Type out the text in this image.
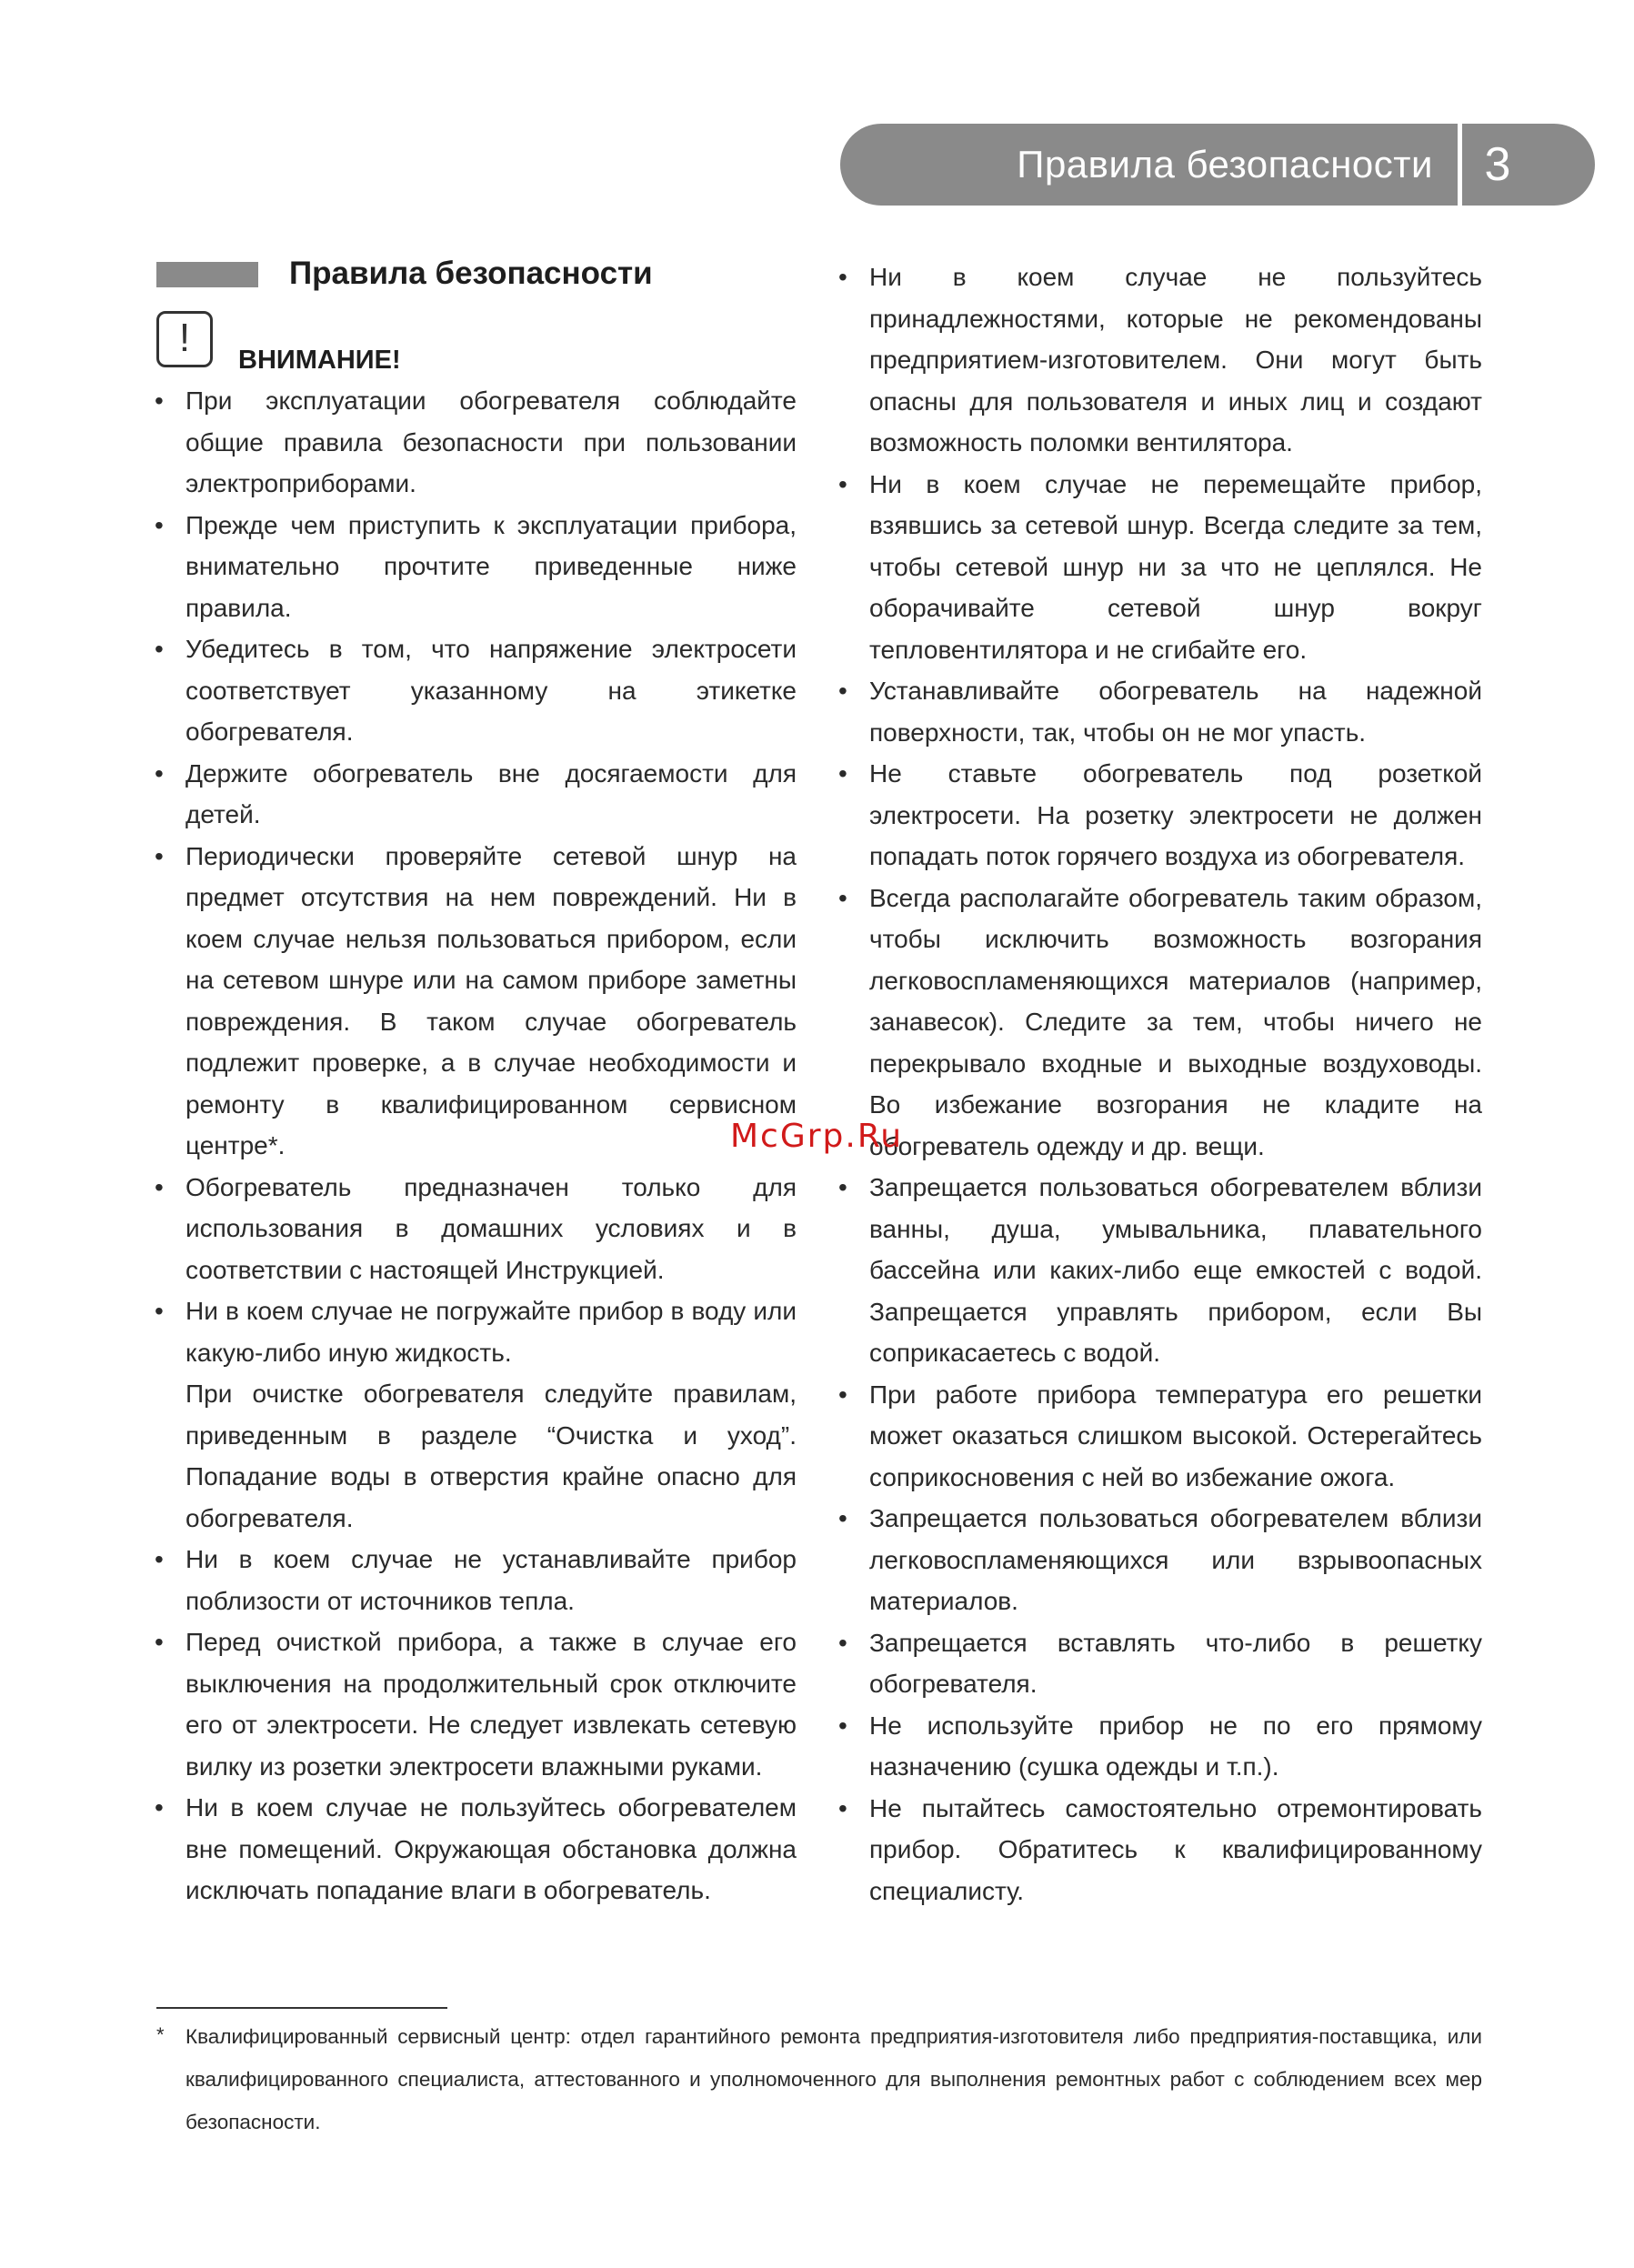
Правила безопасности	3
Правила безопасности
!	ВНИМАНИЕ!
• При эксплуатации обогревателя соблюдайте общие правила безопасности при пользовании электроприборами.
• Прежде чем приступить к эксплуатации прибора, внимательно прочтите приведенные ниже правила.
• Убедитесь в том, что напряжение электросети соответствует указанному на этикетке обогревателя.
• Держите обогреватель вне досягаемости для детей.
• Периодически проверяйте сетевой шнур на предмет отсутствия на нем повреждений. Ни в коем случае нельзя пользоваться прибором, если на сетевом шнуре или на самом приборе заметны повреждения. В таком случае обогреватель подлежит проверке, а в случае необходимости и ремонту в квалифицированном сервисном центре*.
• Обогреватель предназначен только для использования в домашних условиях и в соответствии с настоящей Инструкцией.
• Ни в коем случае не погружайте прибор в воду или какую-либо иную жидкость.
При очистке обогревателя следуйте правилам, приведенным в разделе “Очистка и уход”. Попадание воды в отверстия крайне опасно для обогревателя.
• Ни в коем случае не устанавливайте прибор поблизости от источников тепла.
• Перед очисткой прибора, а также в случае его выключения на продолжительный срок отключите его от электросети. Не следует извлекать сетевую вилку из розетки электросети влажными руками.
• Ни в коем случае не пользуйтесь обогревателем вне помещений. Окружающая обстановка должна исключать попадание влаги в обогреватель.
• Ни в коем случае не пользуйтесь принадлежностями, которые не рекомендованы предприятием-изготовителем. Они могут быть опасны для пользователя и иных лиц и создают возможность поломки вентилятора.
• Ни в коем случае не перемещайте прибор, взявшись за сетевой шнур. Всегда следите за тем, чтобы сетевой шнур ни за что не цеплялся. Не оборачивайте сетевой шнур вокруг тепловентилятора и не сгибайте его.
• Устанавливайте обогреватель на надежной поверхности, так, чтобы он не мог упасть.
• Не ставьте обогреватель под розеткой электросети. На розетку электросети не должен попадать поток горячего воздуха из обогревателя.
• Всегда располагайте обогреватель таким образом, чтобы исключить возможность возгорания легковоспламеняющихся материалов (например, занавесок). Следите за тем, чтобы ничего не перекрывало входные и выходные воздуховоды. Во избежание возгорания не кладите на обогреватель одежду и др. вещи.
• Запрещается пользоваться обогревателем вблизи ванны, душа, умывальника, плавательного бассейна или каких-либо еще емкостей с водой. Запрещается управлять прибором, если Вы соприкасаетесь с водой.
• При работе прибора температура его решетки может оказаться слишком высокой. Остерегайтесь соприкосновения с ней во избежание ожога.
• Запрещается пользоваться обогревателем вблизи легковоспламеняющихся или взрывоопасных материалов.
• Запрещается вставлять что-либо в решетку обогревателя.
• Не используйте прибор не по его прямому назначению (сушка одежды и т.п.).
• Не пытайтесь самостоятельно отремонтировать прибор. Обратитесь к квалифицированному специалисту.
McGrp.Ru
* Квалифицированный сервисный центр: отдел гарантийного ремонта предприятия-изготовителя либо предприятия-поставщика, или квалифицированного специалиста, аттестованного и уполномоченного для выполнения ремонтных работ с соблюдением всех мер безопасности.
